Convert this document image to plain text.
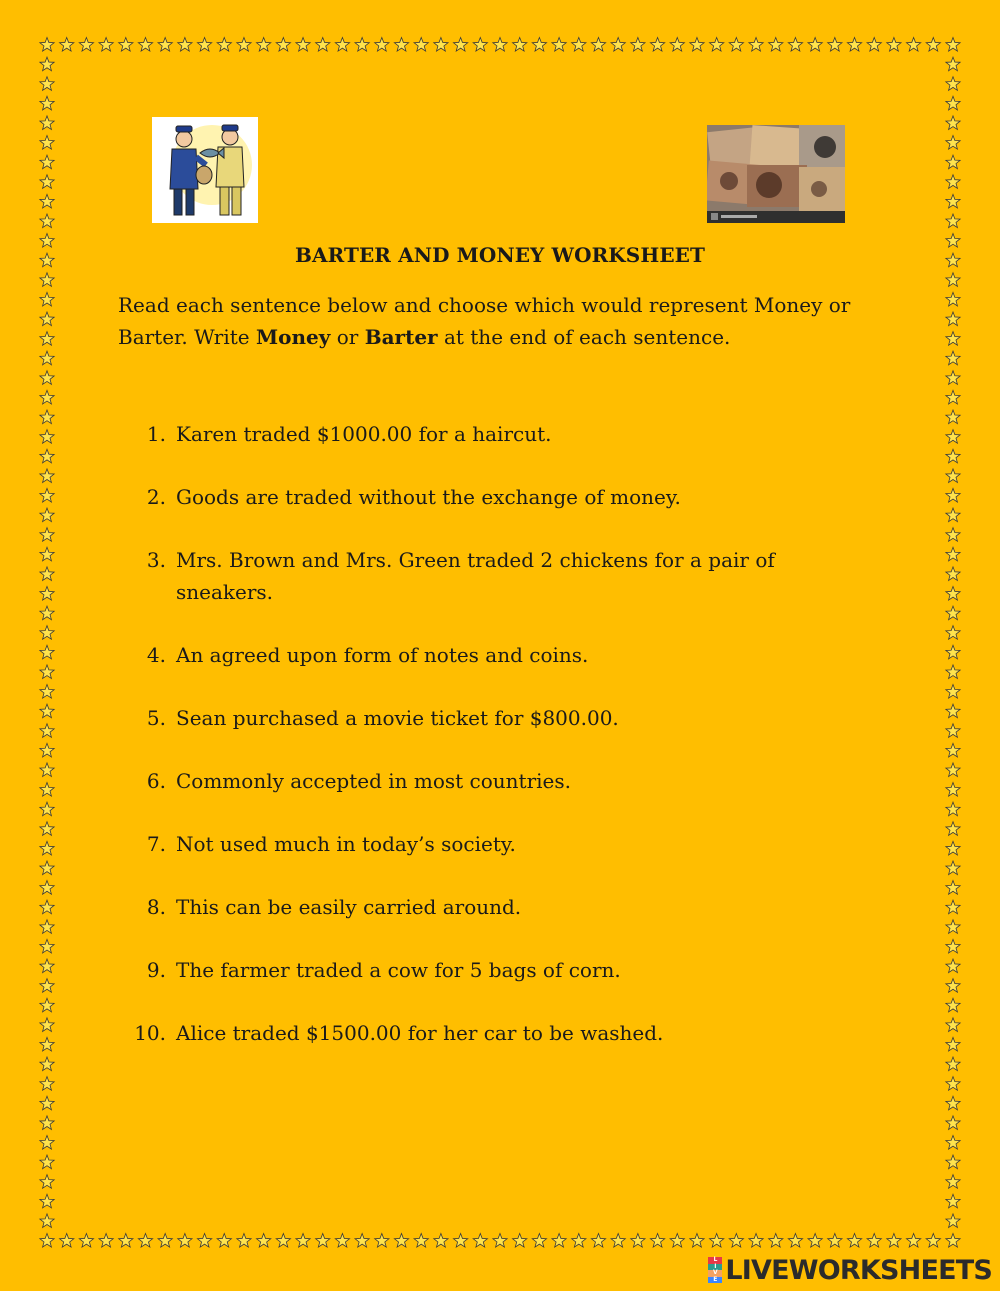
BARTER AND MONEY WORKSHEET
Read each sentence below and choose which would represent Money or Barter. Write Money or Barter at the end of each sentence.
1. Karen traded $1000.00 for a haircut.
2. Goods are traded without the exchange of money.
3. Mrs. Brown and Mrs. Green traded 2 chickens for a pair of sneakers.
4. An agreed upon form of notes and coins.
5. Sean purchased a movie ticket for $800.00.
6. Commonly accepted in most countries.
7. Not used much in today’s society.
8. This can be easily carried around.
9. The farmer traded a cow for 5 bags of corn.
10. Alice traded $1500.00 for her car to be washed.
L
I
V
E LIVEWORKSHEETS
